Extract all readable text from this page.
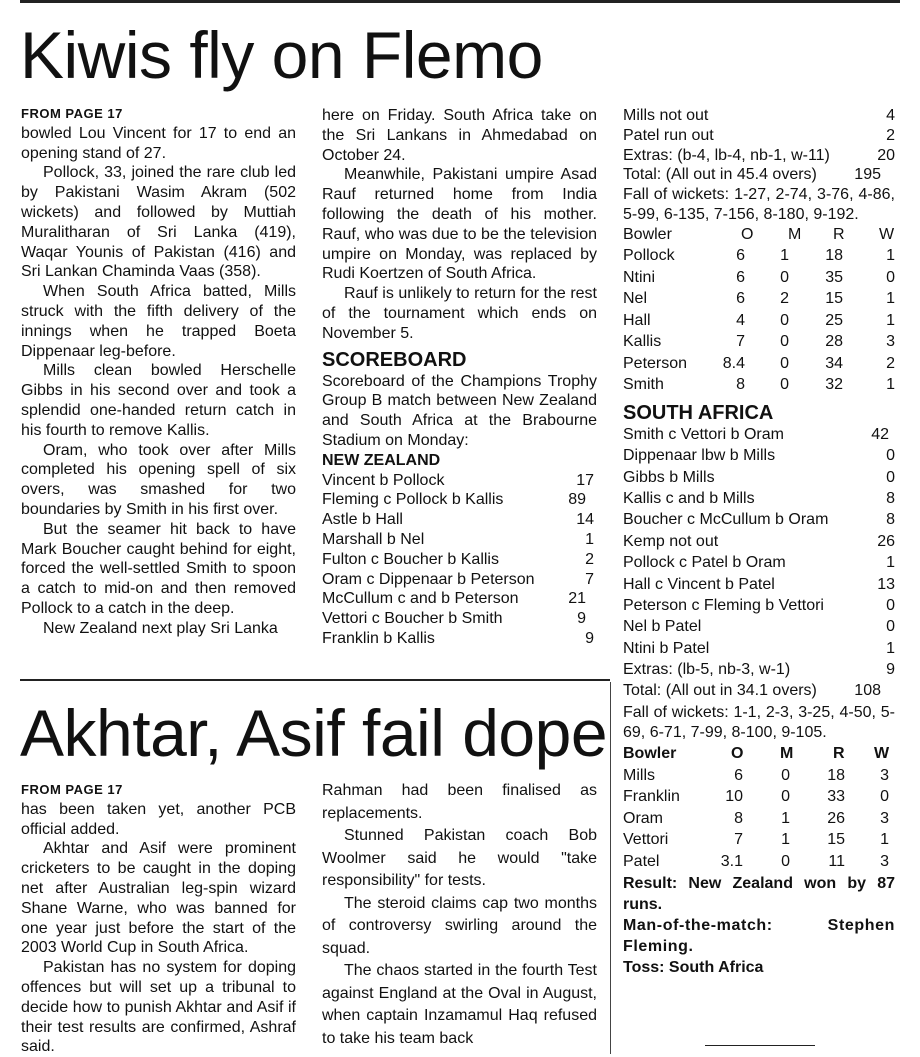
Kiwis fly on Flemo
FROM PAGE 17

bowled Lou Vincent for 17 to end an opening stand of 27.

Pollock, 33, joined the rare club led by Pakistani Wasim Akram (502 wickets) and followed by Muttiah Muralitharan of Sri Lanka (419), Waqar Younis of Pakistan (416) and Sri Lankan Chaminda Vaas (358).

When South Africa batted, Mills struck with the fifth delivery of the innings when he trapped Boeta Dippenaar leg-before.

Mills clean bowled Herschelle Gibbs in his second over and took a splendid one-handed return catch in his fourth to remove Kallis.

Oram, who took over after Mills completed his opening spell of six overs, was smashed for two boundaries by Smith in his first over.

But the seamer hit back to have Mark Boucher caught behind for eight, forced the well-settled Smith to spoon a catch to mid-on and then removed Pollock to a catch in the deep.

New Zealand next play Sri Lanka

here on Friday. South Africa take on the Sri Lankans in Ahmedabad on October 24.

Meanwhile, Pakistani umpire Asad Rauf returned home from India following the death of his mother. Rauf, who was due to be the television umpire on Monday, was replaced by Rudi Koertzen of South Africa.

Rauf is unlikely to return for the rest of the tournament which ends on November 5.

SCOREBOARD

Scoreboard of the Champions Trophy Group B match between New Zealand and South Africa at the Brabourne Stadium on Monday:

NEW ZEALAND
Vincent b Pollock	17
Fleming c Pollock b Kallis	89
Astle b Hall	14
Marshall b Nel	1
Fulton c Boucher b Kallis	2
Oram c Dippenaar b Peterson	7
McCullum c and b Peterson	21
Vettori c Boucher b Smith	9
Franklin b Kallis	9
Mills not out	4
Patel run out	2
Extras: (b-4, lb-4, nb-1, w-11)	20
Total: (All out in 45.4 overs) 195

Fall of wickets: 1-27, 2-74, 3-76, 4-86, 5-99, 6-135, 7-156, 8-180, 9-192.

Bowler	O M R W
Pollock	6 1 18	1
Ntini	6 0 35	0
Nel	6 2 15	1
Hall	4 0 25	1
Kallis	7 0 28	3
Peterson 8.4 0 34	2
Smith	8 0 32	1
SOUTH AFRICA
Smith c Vettori b Oram	42
Dippenaar lbw b Mills	0
Gibbs b Mills	0
Kallis c and b Mills	8
Boucher c McCullum b Oram	8
Kemp not out	26
Pollock c Patel b Oram	1
Hall c Vincent b Patel	13
Peterson c Fleming b Vettori	0
Nel b Patel	0
Ntini b Patel	1
Extras: (lb-5, nb-3, w-1)	9
Total: (All out in 34.1 overs) 108

Fall of wickets: 1-1, 2-3, 3-25, 4-50, 5-69, 6-71, 7-99, 8-100, 9-105.

Bowler	O M R W
Mills	6 0 18 3
Franklin	10 0 33 0
Oram	8 1 26 3
Vettori	7 1 15 1
Patel	3.1 0 11 3

Result: New Zealand won by 87 runs.

Man-of-the-match: Stephen Fleming.

Toss: South Africa

Akhtar, Asif fail dope
FROM PAGE 17

has been taken yet, another PCB official added.

Akhtar and Asif were prominent cricketers to be caught in the doping net after Australian leg-spin wizard Shane Warne, who was banned for one year just before the start of the 2003 World Cup in South Africa.

Pakistan has no system for doping offences but will set up a tribunal to decide how to punish Akhtar and Asif if their test results are confirmed, Ashraf said.

Rahman had been finalised as replacements.

Stunned Pakistan coach Bob Woolmer said he would "take responsibility" for tests.

The steroid claims cap two months of controversy swirling around the squad.

The chaos started in the fourth Test against England at the Oval in August, when captain Inzamamul Haq refused to take his team back
